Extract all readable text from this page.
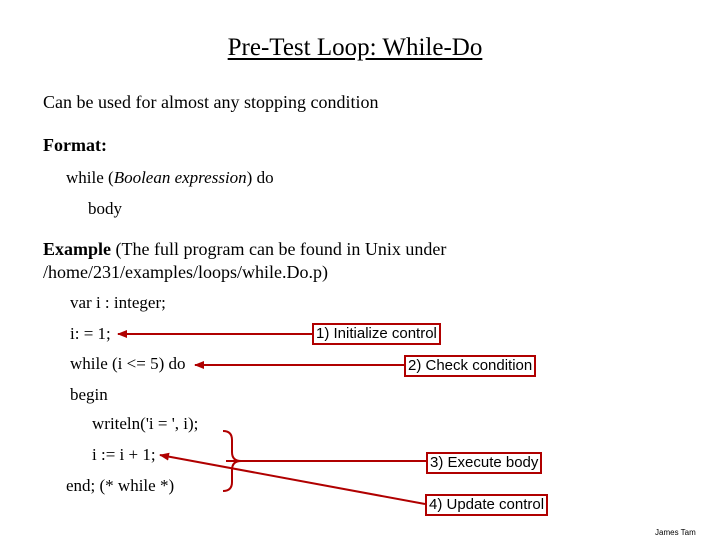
Pre-Test Loop: While-Do
Can be used for almost any stopping condition
Format:
while (Boolean expression) do
body
Example (The full program can be found in Unix under
/home/231/examples/loops/while.Do.p)
var i : integer;
i: = 1;
while (i <= 5) do
begin
writeln('i = ', i);
i := i + 1;
end; (* while *)
1) Initialize control
2) Check condition
3) Execute body
4) Update control
James Tam
